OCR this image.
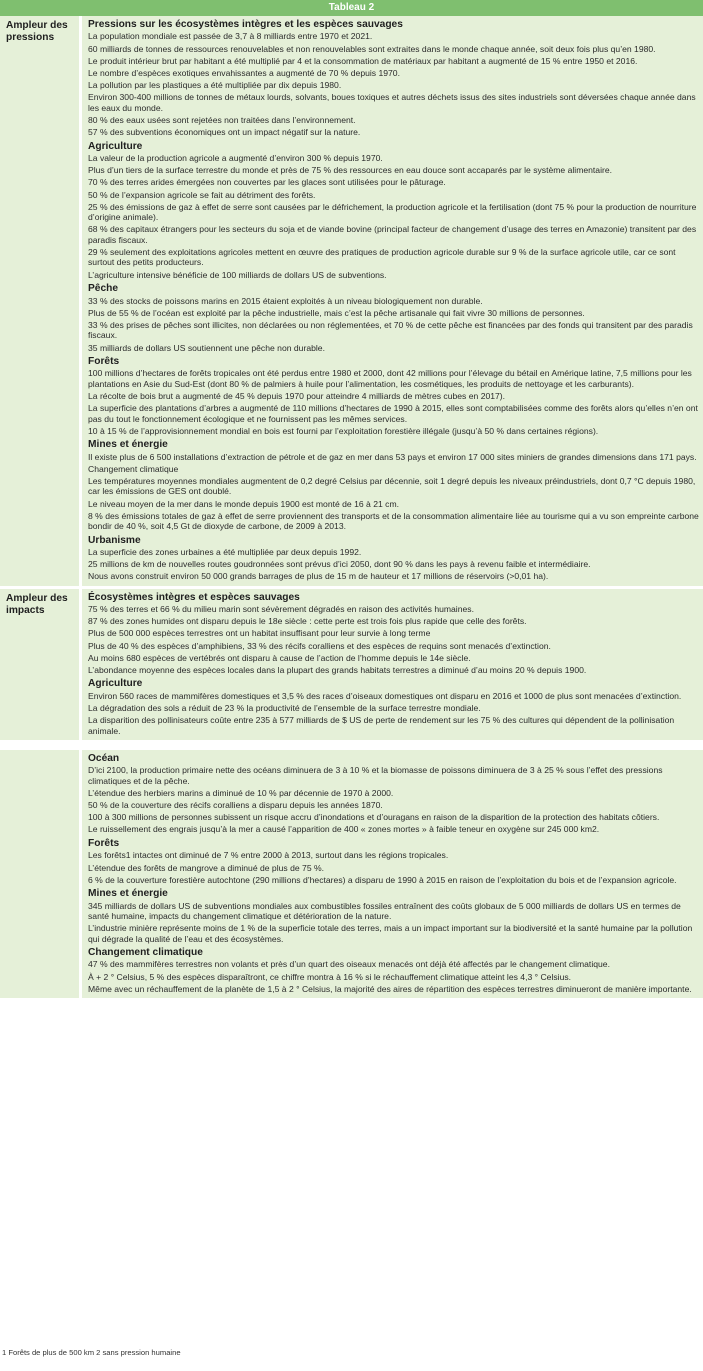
Tableau 2
Ampleur des pressions
Pressions sur les écosystèmes intègres et les espèces sauvages
La population mondiale est passée de 3,7 à 8 milliards entre 1970 et 2021.
60 milliards de tonnes de ressources renouvelables et non renouvelables sont extraites dans le monde chaque année, soit deux fois plus qu’en 1980.
Le produit intérieur brut par habitant a été multiplié par 4 et la consommation de matériaux par habitant a augmenté de 15 % entre 1950 et 2016.
Le nombre d’espèces exotiques envahissantes a augmenté de 70 % depuis 1970.
La pollution par les plastiques a été multipliée par dix depuis 1980.
Environ 300-400 millions de tonnes de métaux lourds, solvants, boues toxiques et autres déchets issus des sites industriels sont déversées chaque année dans les eaux du monde.
80 % des eaux usées sont rejetées non traitées dans l’environnement.
57 % des subventions économiques ont un impact négatif sur la nature.
Agriculture
La valeur de la production agricole a augmenté d’environ 300 % depuis 1970.
Plus d’un tiers de la surface terrestre du monde et près de 75 % des ressources en eau douce sont accaparés par le système alimentaire.
70 % des terres arides émergées non couvertes par les glaces sont utilisées pour le pâturage.
50 % de l’expansion agricole se fait au détriment des forêts.
25 % des émissions de gaz à effet de serre sont causées par le défrichement, la production agricole et la fertilisation (dont 75 % pour la production de nourriture d’origine animale).
68 % des capitaux étrangers pour les secteurs du soja et de viande bovine (principal facteur de changement d’usage des terres en Amazonie) transitent par des paradis fiscaux.
29 % seulement des exploitations agricoles mettent en œuvre des pratiques de production agricole durable sur 9 % de la surface agricole utile, car ce sont surtout des petits producteurs.
L’agriculture intensive bénéficie de 100 milliards de dollars US de subventions.
Pêche
33 % des stocks de poissons marins en 2015 étaient exploités à un niveau biologiquement non durable.
Plus de 55 % de l’océan est exploité par la pêche industrielle, mais c’est la pêche artisanale qui fait vivre 30 millions de personnes.
33 % des prises de pêches sont illicites, non déclarées ou non réglementées, et 70 % de cette pêche est financées par des fonds qui transitent par des paradis fiscaux.
35 milliards de dollars US soutiennent une pêche non durable.
Forêts
100 millions d’hectares de forêts tropicales ont été perdus entre 1980 et 2000, dont 42 millions pour l’élevage du bétail en Amérique latine, 7,5 millions pour les plantations en Asie du Sud-Est (dont 80 % de palmiers à huile pour l’alimentation, les cosmétiques, les produits de nettoyage et les carburants).
La récolte de bois brut a augmenté de 45 % depuis 1970 pour atteindre 4 milliards de mètres cubes en 2017).
La superficie des plantations d’arbres a augmenté de 110 millions d’hectares de 1990 à 2015, elles sont comptabilisées comme des forêts alors qu’elles n’en ont pas du tout le fonctionnement écologique et ne fournissent pas les mêmes services.
10 à 15 % de l’approvisionnement mondial en bois est fourni par l’exploitation forestière illégale (jusqu’à 50 % dans certaines régions).
Mines et énergie
Il existe plus de 6 500 installations d’extraction de pétrole et de gaz en mer dans 53 pays et environ 17 000 sites miniers de grandes dimensions dans 171 pays.
Changement climatique
Les températures moyennes mondiales augmentent de 0,2 degré Celsius par décennie, soit 1 degré depuis les niveaux préindustriels, dont 0,7 °C depuis 1980, car les émissions de GES ont doublé.
Le niveau moyen de la mer dans le monde depuis 1900 est monté de 16 à 21 cm.
8 % des émissions totales de gaz à effet de serre proviennent des transports et de la consommation alimentaire liée au tourisme qui a vu son empreinte carbone bondir de 40 %, soit 4,5 Gt de dioxyde de carbone, de 2009 à 2013.
Urbanisme
La superficie des zones urbaines a été multipliée par deux depuis 1992.
25 millions de km de nouvelles routes goudronnées sont prévus d’ici 2050, dont 90 % dans les pays à revenu faible et intermédiaire.
Nous avons construit environ 50 000 grands barrages de plus de 15 m de hauteur et 17 millions de réservoirs (>0,01 ha).
Ampleur des impacts
Écosystèmes intègres et espèces sauvages
75 % des terres et 66 % du milieu marin sont sévèrement dégradés en raison des activités humaines.
87 % des zones humides ont disparu depuis le 18e siècle : cette perte est trois fois plus rapide que celle des forêts.
Plus de 500 000 espèces terrestres ont un habitat insuffisant pour leur survie à long terme
Plus de 40 % des espèces d’amphibiens, 33 % des récifs coralliens et des espèces de requins sont menacés d’extinction.
Au moins 680 espèces de vertébrés ont disparu à cause de l’action de l’homme depuis le 14e siècle.
L’abondance moyenne des espèces locales dans la plupart des grands habitats terrestres a diminué d’au moins 20 % depuis 1900.
Agriculture
Environ 560 races de mammifères domestiques et 3,5 % des races d’oiseaux domestiques ont disparu en 2016 et 1000 de plus sont menacées d’extinction.
La dégradation des sols a réduit de 23 % la productivité de l’ensemble de la surface terrestre mondiale.
La disparition des pollinisateurs coûte entre 235 à 577 milliards de $ US de perte de rendement sur les 75 % des cultures qui dépendent de la pollinisation animale.
Océan
D’ici 2100, la production primaire nette des océans diminuera de 3 à 10 % et la biomasse de poissons diminuera de 3 à 25 % sous l’effet des pressions climatiques et de la pêche.
L’étendue des herbiers marins a diminué de 10 % par décennie de 1970 à 2000.
50 % de la couverture des récifs coralliens a disparu depuis les années 1870.
100 à 300 millions de personnes subissent un risque accru d’inondations et d’ouragans en raison de la disparition de la protection des habitats côtiers.
Le ruissellement des engrais jusqu’à la mer a causé l’apparition de 400 « zones mortes » à faible teneur en oxygène sur 245 000 km2.
Forêts
Les forêts1 intactes ont diminué de 7 % entre 2000 à 2013, surtout dans les régions tropicales.
L’étendue des forêts de mangrove a diminué de plus de 75 %.
6 % de la couverture forestière autochtone (290 millions d’hectares) a disparu de 1990 à 2015 en raison de l’exploitation du bois et de l’expansion agricole.
Mines et énergie
345 milliards de dollars US de subventions mondiales aux combustibles fossiles entraînent des coûts globaux de 5 000 milliards de dollars US en termes de santé humaine, impacts du changement climatique et détérioration de la nature.
L’industrie minière représente moins de 1 % de la superficie totale des terres, mais a un impact important sur la biodiversité et la santé humaine par la pollution qui dégrade la qualité de l’eau et des écosystèmes.
Changement climatique
47 % des mammifères terrestres non volants et près d’un quart des oiseaux menacés ont déjà été affectés par le changement climatique.
À + 2 ° Celsius, 5 % des espèces disparaîtront, ce chiffre montra à 16 % si le réchauffement climatique atteint les 4,3 ° Celsius.
Même avec un réchauffement de la planète de 1,5 à 2 ° Celsius, la majorité des aires de répartition des espèces terrestres diminueront de manière importante.
1 Forêts de plus de 500 km 2 sans pression humaine
